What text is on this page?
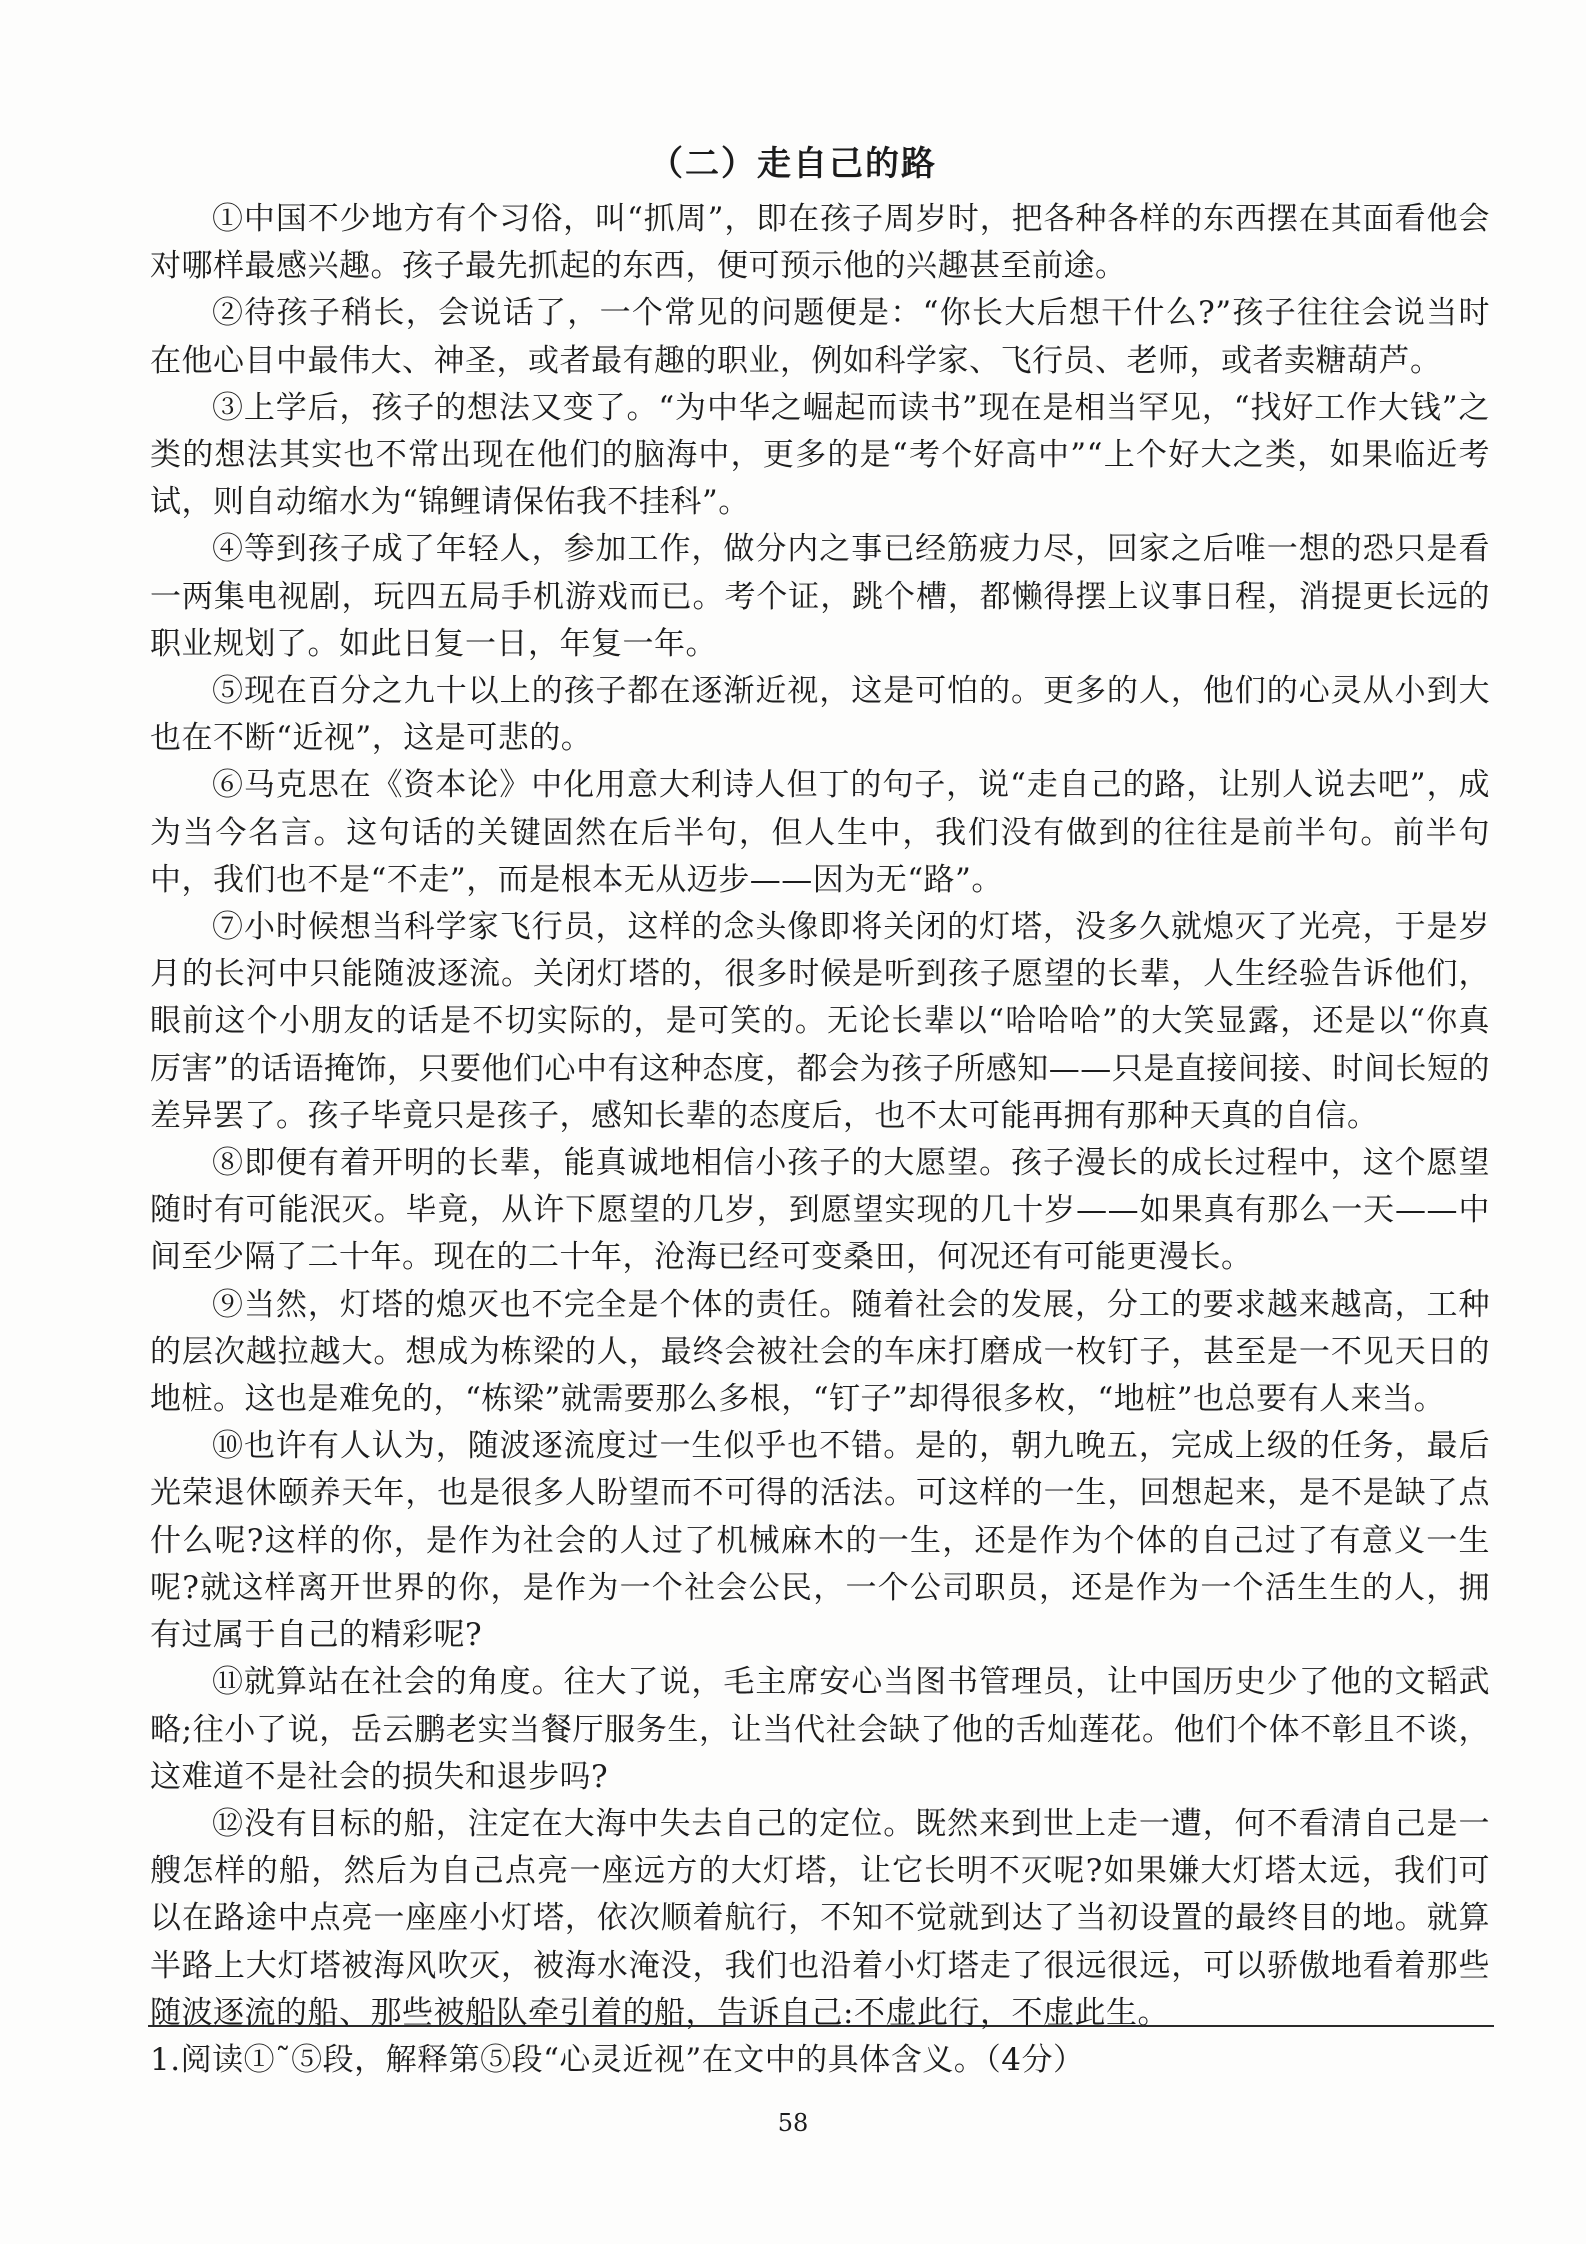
（二）走自己的路

①中国不少地方有个习俗，叫“抓周”，即在孩子周岁时，把各种各样的东西摆在其面看他会对哪样最感兴趣。孩子最先抓起的东西，便可预示他的兴趣甚至前途。

②待孩子稍长，会说话了，一个常见的问题便是：“你长大后想干什么?”孩子往往会说当时在他心目中最伟大、神圣，或者最有趣的职业，例如科学家、飞行员、老师，或者卖糖葫芦。

③上学后，孩子的想法又变了。“为中华之崛起而读书”现在是相当罕见，“找好工作大钱”之类的想法其实也不常出现在他们的脑海中，更多的是“考个好高中”“上个好大之类，如果临近考试，则自动缩水为“锦鲤请保佑我不挂科”。

④等到孩子成了年轻人，参加工作，做分内之事已经筋疲力尽，回家之后唯一想的恐只是看一两集电视剧，玩四五局手机游戏而已。考个证，跳个槽，都懒得摆上议事日程，消提更长远的职业规划了。如此日复一日，年复一年。

⑤现在百分之九十以上的孩子都在逐渐近视，这是可怕的。更多的人，他们的心灵从小到大也在不断“近视”，这是可悲的。

⑥马克思在《资本论》中化用意大利诗人但丁的句子，说“走自己的路，让别人说去吧”，成为当今名言。这句话的关键固然在后半句，但人生中，我们没有做到的往往是前半句。前半句中，我们也不是“不走”，而是根本无从迈步——因为无“路”。

⑦小时候想当科学家飞行员，这样的念头像即将关闭的灯塔，没多久就熄灭了光亮，于是岁月的长河中只能随波逐流。关闭灯塔的，很多时候是听到孩子愿望的长辈，人生经验告诉他们，眼前这个小朋友的话是不切实际的，是可笑的。无论长辈以“哈哈哈”的大笑显露，还是以“你真厉害”的话语掩饰，只要他们心中有这种态度，都会为孩子所感知——只是直接间接、时间长短的差异罢了。孩子毕竟只是孩子，感知长辈的态度后，也不太可能再拥有那种天真的自信。

⑧即便有着开明的长辈，能真诚地相信小孩子的大愿望。孩子漫长的成长过程中，这个愿望随时有可能泯灭。毕竟，从许下愿望的几岁，到愿望实现的几十岁——如果真有那么一天——中间至少隔了二十年。现在的二十年，沧海已经可变桑田，何况还有可能更漫长。

⑨当然，灯塔的熄灭也不完全是个体的责任。随着社会的发展，分工的要求越来越高，工种的层次越拉越大。想成为栋梁的人，最终会被社会的车床打磨成一枚钉子，甚至是一不见天日的地桩。这也是难免的，“栋梁”就需要那么多根，“钉子”却得很多枚，“地桩”也总要有人来当。

⑩也许有人认为，随波逐流度过一生似乎也不错。是的，朝九晚五，完成上级的任务，最后光荣退休颐养天年，也是很多人盼望而不可得的活法。可这样的一生，回想起来，是不是缺了点什么呢?这样的你，是作为社会的人过了机械麻木的一生，还是作为个体的自己过了有意义一生呢?就这样离开世界的你，是作为一个社会公民，一个公司职员，还是作为一个活生生的人，拥有过属于自己的精彩呢?

⑪就算站在社会的角度。往大了说，毛主席安心当图书管理员，让中国历史少了他的文韬武略;往小了说，岳云鹏老实当餐厅服务生，让当代社会缺了他的舌灿莲花。他们个体不彰且不谈，这难道不是社会的损失和退步吗?

⑫没有目标的船，注定在大海中失去自己的定位。既然来到世上走一遭，何不看清自己是一艘怎样的船，然后为自己点亮一座远方的大灯塔，让它长明不灭呢?如果嫌大灯塔太远，我们可以在路途中点亮一座座小灯塔，依次顺着航行，不知不觉就到达了当初设置的最终目的地。就算半路上大灯塔被海风吹灭，被海水淹没，我们也沿着小灯塔走了很远很远，可以骄傲地看着那些随波逐流的船、那些被船队牵引着的船，告诉自己:不虚此行，不虚此生。

1.阅读①˜⑤段，解释第⑤段“心灵近视”在文中的具体含义。（4分）

58
